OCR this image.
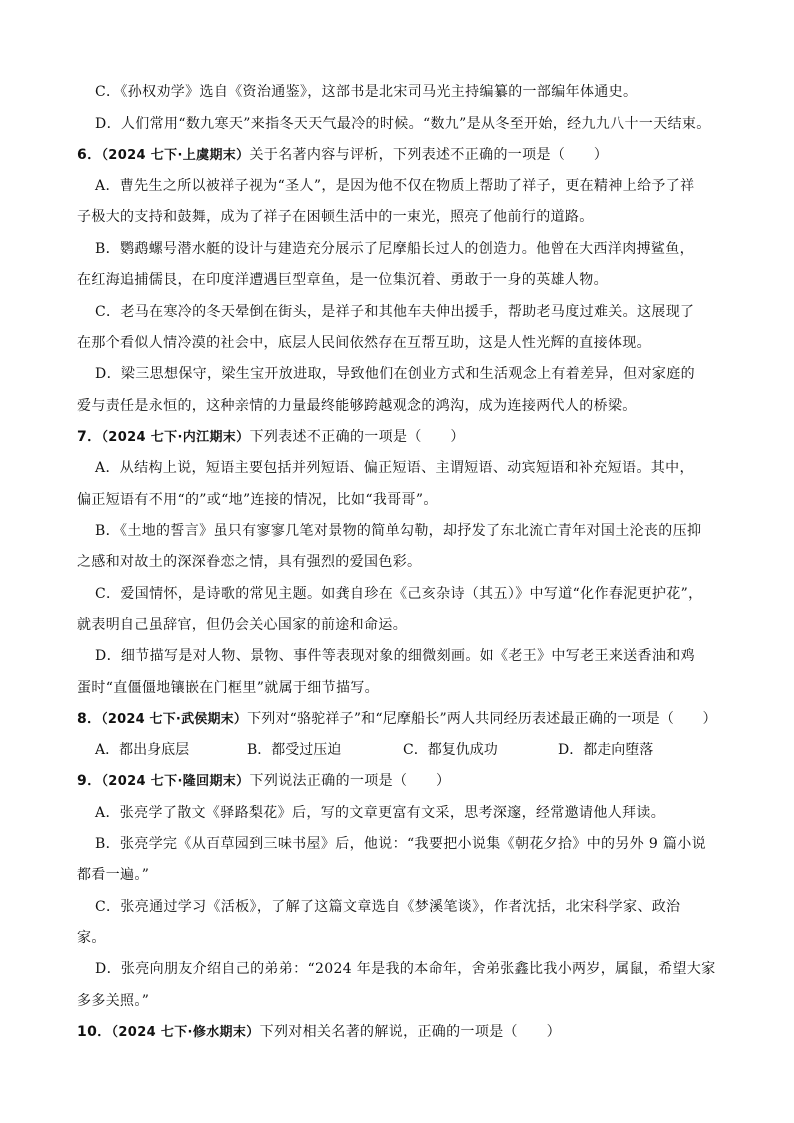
C．《孙权劝学》选自《资治通鉴》，这部书是北宋司马光主持编纂的一部编年体通史。
D．人们常用“数九寒天”来指冬天天气最冷的时候。“数九”是从冬至开始，经九九八十一天结束。
6．（2024 七下·上虞期末）关于名著内容与评析，下列表述不正确的一项是（　　）
A．曹先生之所以被祥子视为“圣人”，是因为他不仅在物质上帮助了祥子，更在精神上给予了祥
子极大的支持和鼓舞，成为了祥子在困顿生活中的一束光，照亮了他前行的道路。
B．鹦鹉螺号潜水艇的设计与建造充分展示了尼摩船长过人的创造力。他曾在大西洋肉搏鲨鱼，
在红海追捕儒艮，在印度洋遭遇巨型章鱼，是一位集沉着、勇敢于一身的英雄人物。
C．老马在寒冷的冬天晕倒在街头，是祥子和其他车夫伸出援手，帮助老马度过难关。这展现了
在那个看似人情冷漠的社会中，底层人民间依然存在互帮互助，这是人性光辉的直接体现。
D．梁三思想保守，梁生宝开放进取，导致他们在创业方式和生活观念上有着差异，但对家庭的
爱与责任是永恒的，这种亲情的力量最终能够跨越观念的鸿沟，成为连接两代人的桥梁。
7．（2024 七下·内江期末）下列表述不正确的一项是（　　）
A．从结构上说，短语主要包括并列短语、偏正短语、主谓短语、动宾短语和补充短语。其中，
偏正短语有不用“的”或“地”连接的情况，比如“我哥哥”。
B．《土地的誓言》虽只有寥寥几笔对景物的简单勾勒，却抒发了东北流亡青年对国土沦丧的压抑
之感和对故土的深深眷恋之情，具有强烈的爱国色彩。
C．爱国情怀，是诗歌的常见主题。如龚自珍在《己亥杂诗（其五）》中写道“化作春泥更护花”，
就表明自己虽辞官，但仍会关心国家的前途和命运。
D．细节描写是对人物、景物、事件等表现对象的细微刻画。如《老王》中写老王来送香油和鸡
蛋时“直僵僵地镶嵌在门框里”就属于细节描写。
8．（2024 七下·武侯期末）下列对“骆驼祥子”和“尼摩船长”两人共同经历表述最正确的一项是（　　）
A．都出身底层	B．都受过压迫	C．都复仇成功	D．都走向堕落
9．（2024 七下·隆回期末）下列说法正确的一项是（　　）
A．张亮学了散文《驿路梨花》后，写的文章更富有文采，思考深邃，经常邀请他人拜读。
B．张亮学完《从百草园到三味书屋》后，他说：“我要把小说集《朝花夕拾》中的另外 9 篇小说
都看一遍。”
C．张亮通过学习《活板》，了解了这篇文章选自《梦溪笔谈》，作者沈括，北宋科学家、政治
家。
D．张亮向朋友介绍自己的弟弟：“2024 年是我的本命年，舍弟张鑫比我小两岁，属鼠，希望大家
多多关照。”
10．（2024 七下·修水期末）下列对相关名著的解说，正确的一项是（　　）
